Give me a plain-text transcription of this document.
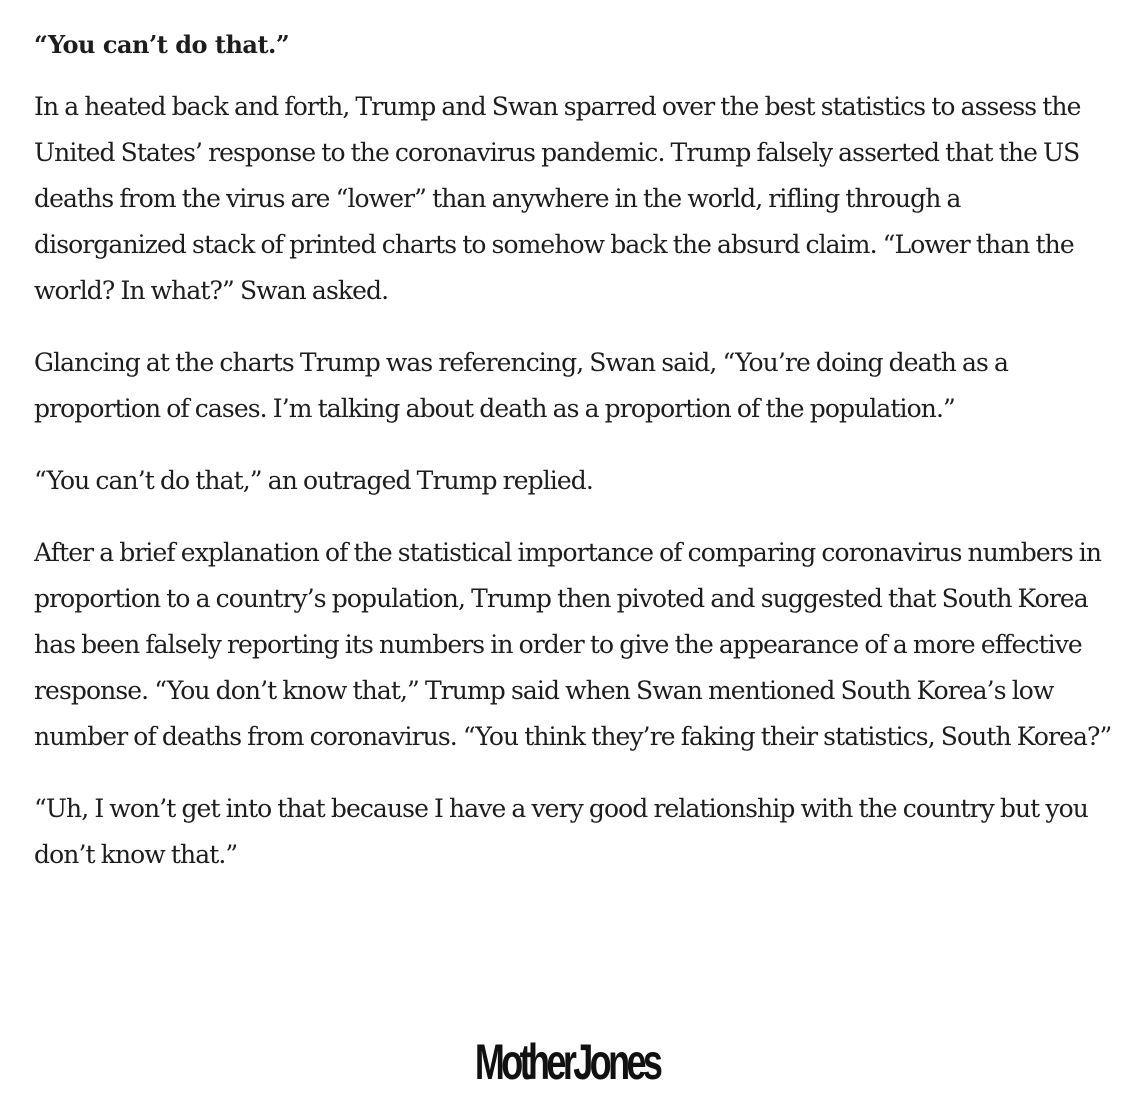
“You can’t do that.”

In a heated back and forth, Trump and Swan sparred over the best statistics to assess the United States’ response to the coronavirus pandemic. Trump falsely asserted that the US deaths from the virus are “lower” than anywhere in the world, rifling through a disorganized stack of printed charts to somehow back the absurd claim. “Lower than the world? In what?” Swan asked.

Glancing at the charts Trump was referencing, Swan said, “You’re doing death as a proportion of cases. I’m talking about death as a proportion of the population.”

“You can’t do that,” an outraged Trump replied.

After a brief explanation of the statistical importance of comparing coronavirus numbers in proportion to a country’s population, Trump then pivoted and suggested that South Korea has been falsely reporting its numbers in order to give the appearance of a more effective response. “You don’t know that,” Trump said when Swan mentioned South Korea’s low number of deaths from coronavirus. “You think they’re faking their statistics, South Korea?”

“Uh, I won’t get into that because I have a very good relationship with the country but you don’t know that.”

MotherJones
